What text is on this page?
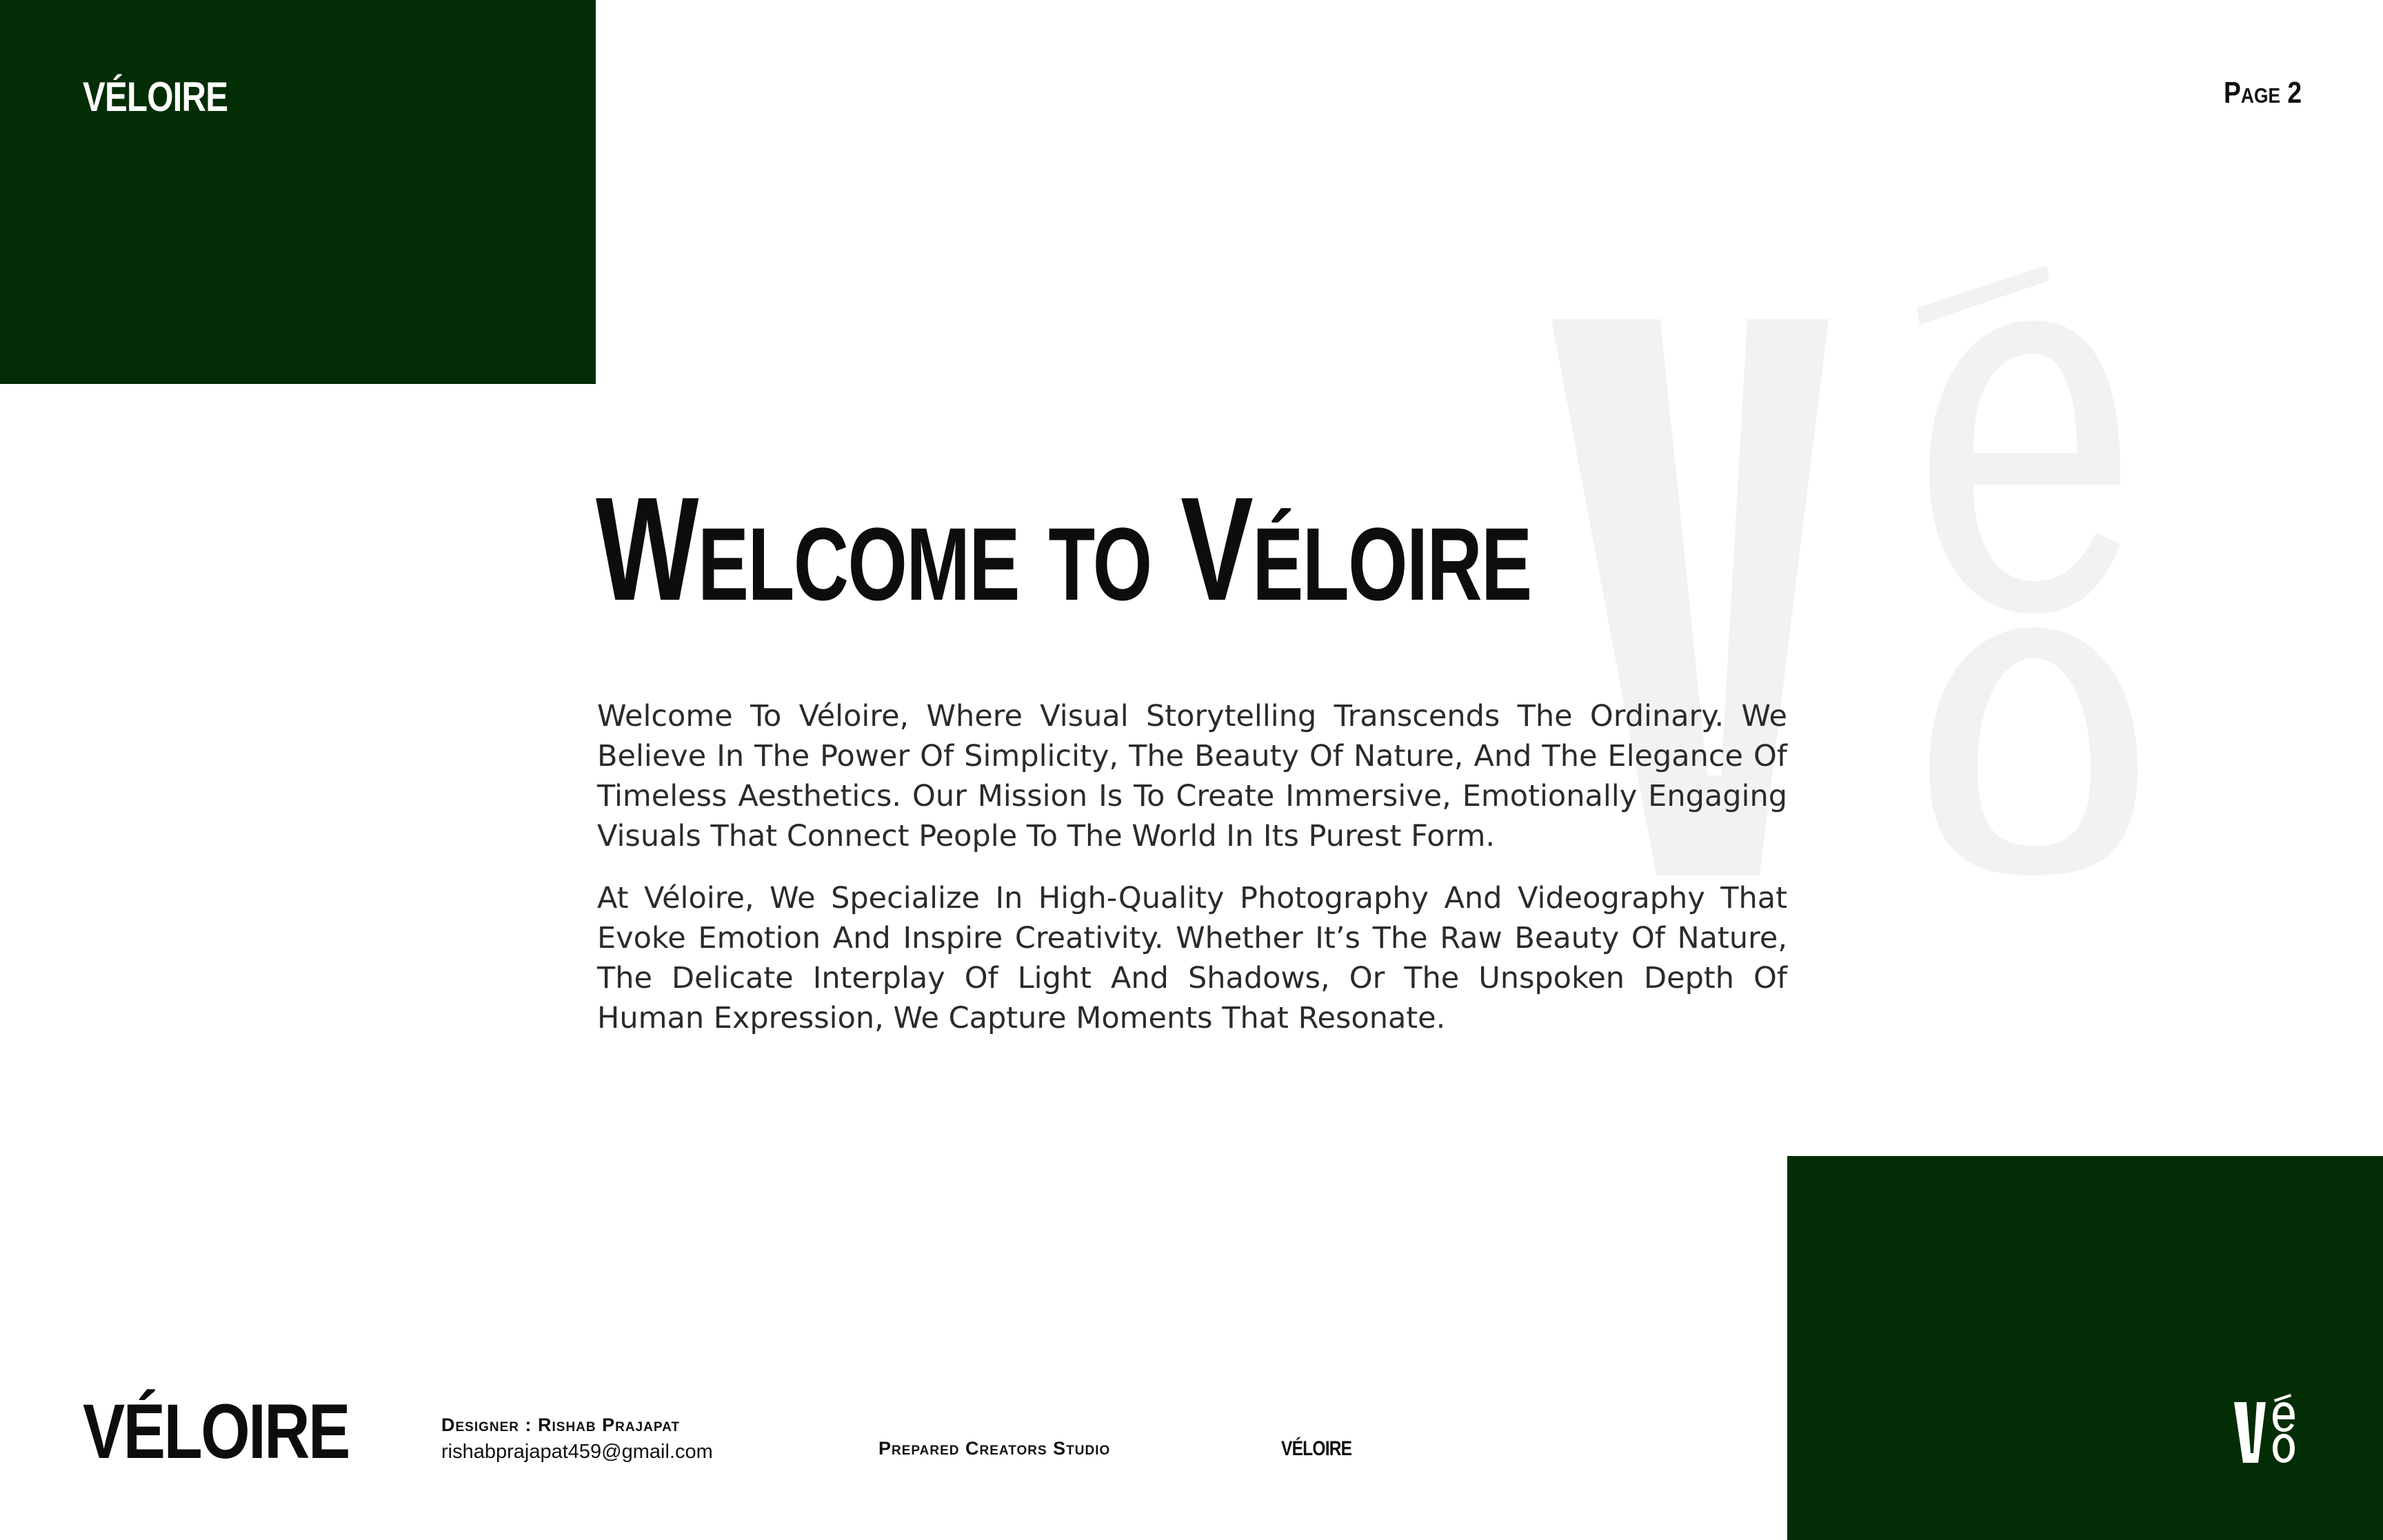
VÉLOIRE	Page 2
Welcome to Véloire

Welcome To Véloire, Where Visual Storytelling Transcends The Ordinary. We Believe In The Power Of Simplicity, The Beauty Of Nature, And The Elegance Of Timeless Aesthetics. Our Mission Is To Create Immersive, Emotionally Engaging Visuals That Connect People To The World In Its Purest Form.

At Véloire, We Specialize In High-Quality Photography And Videography That Evoke Emotion And Inspire Creativity. Whether It’s The Raw Beauty Of Nature, The Delicate Interplay Of Light And Shadows, Or The Unspoken Depth Of Human Expression, We Capture Moments That Resonate.

VÉLOIRE	Designer : Rishab Prajapat
rishabprajapat459@gmail.com	Prepared Creators Studio	VÉLOIRE
